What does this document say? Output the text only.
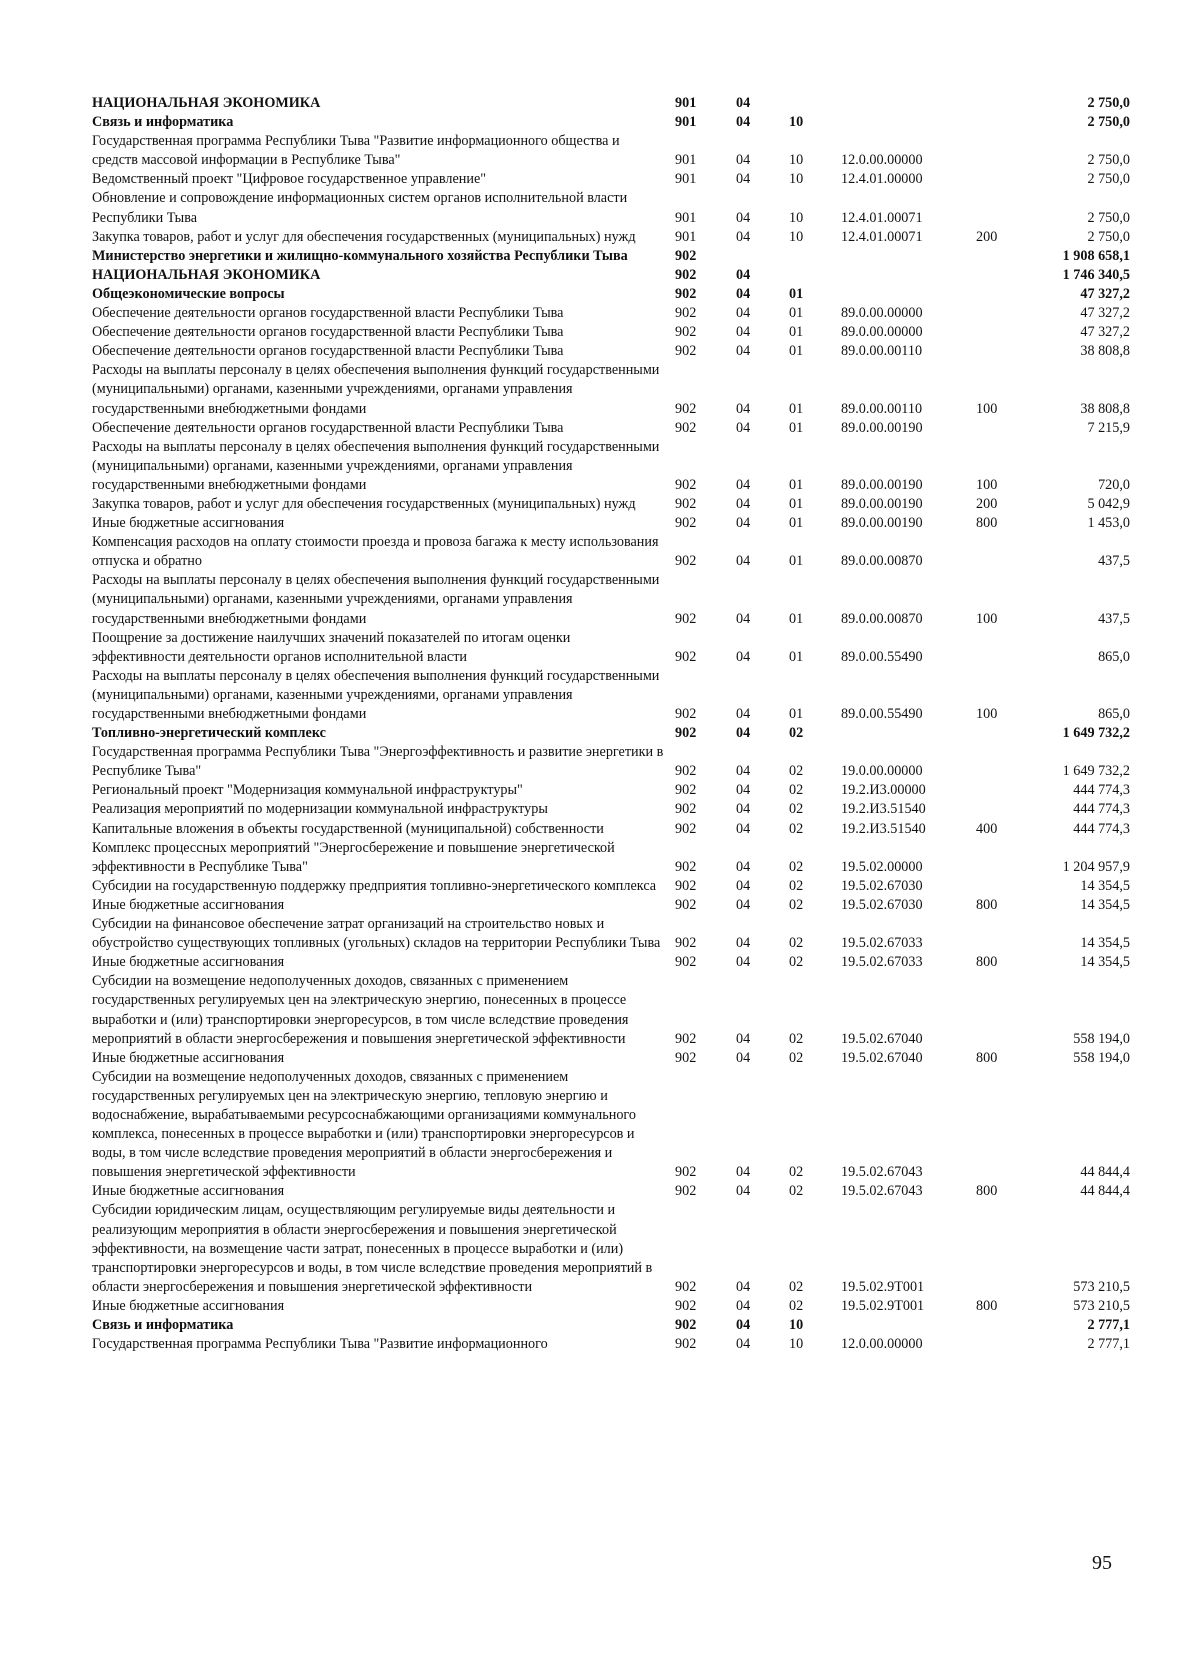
НАЦИОНАЛЬНАЯ ЭКОНОМИКА	901	04				2 750,0
Связь и информатика	901	04	10			2 750,0
Государственная программа Республики Тыва "Развитие информационного общества и средств массовой информации в Республике Тыва"	901	04	10	12.0.00.00000		2 750,0
Ведомственный проект "Цифровое государственное управление"	901	04	10	12.4.01.00000		2 750,0
Обновление и сопровождение информационных систем органов исполнительной власти Республики Тыва	901	04	10	12.4.01.00071		2 750,0
Закупка товаров, работ и услуг для обеспечения государственных (муниципальных) нужд	901	04	10	12.4.01.00071	200	2 750,0
Министерство энергетики и жилищно-коммунального хозяйства Республики Тыва	902					1 908 658,1
НАЦИОНАЛЬНАЯ ЭКОНОМИКА	902	04				1 746 340,5
Общеэкономические вопросы	902	04	01			47 327,2
Обеспечение деятельности органов государственной власти Республики Тыва	902	04	01	89.0.00.00000		47 327,2
Обеспечение деятельности органов государственной власти Республики Тыва	902	04	01	89.0.00.00000		47 327,2
Обеспечение деятельности органов государственной власти Республики Тыва	902	04	01	89.0.00.00110		38 808,8
Расходы на выплаты персоналу в целях обеспечения выполнения функций государственными (муниципальными) органами, казенными учреждениями, органами управления государственными внебюджетными фондами	902	04	01	89.0.00.00110	100	38 808,8
Обеспечение деятельности органов государственной власти Республики Тыва	902	04	01	89.0.00.00190		7 215,9
Расходы на выплаты персоналу в целях обеспечения выполнения функций государственными (муниципальными) органами, казенными учреждениями, органами управления государственными внебюджетными фондами	902	04	01	89.0.00.00190	100	720,0
Закупка товаров, работ и услуг для обеспечения государственных (муниципальных) нужд	902	04	01	89.0.00.00190	200	5 042,9
Иные бюджетные ассигнования	902	04	01	89.0.00.00190	800	1 453,0
Компенсация расходов на оплату стоимости проезда и провоза багажа к месту использования отпуска и обратно	902	04	01	89.0.00.00870		437,5
Расходы на выплаты персоналу в целях обеспечения выполнения функций государственными (муниципальными) органами, казенными учреждениями, органами управления государственными внебюджетными фондами	902	04	01	89.0.00.00870	100	437,5
Поощрение за достижение наилучших значений показателей по итогам оценки эффективности деятельности органов исполнительной власти	902	04	01	89.0.00.55490		865,0
Расходы на выплаты персоналу в целях обеспечения выполнения функций государственными (муниципальными) органами, казенными учреждениями, органами управления государственными внебюджетными фондами	902	04	01	89.0.00.55490	100	865,0
Топливно-энергетический комплекс	902	04	02			1 649 732,2
Государственная программа Республики Тыва "Энергоэффективность и развитие энергетики в Республике Тыва"	902	04	02	19.0.00.00000		1 649 732,2
Региональный проект "Модернизация коммунальной инфраструктуры"	902	04	02	19.2.И3.00000		444 774,3
Реализация мероприятий по модернизации коммунальной инфраструктуры	902	04	02	19.2.И3.51540		444 774,3
Капитальные вложения в объекты государственной (муниципальной) собственности	902	04	02	19.2.И3.51540	400	444 774,3
Комплекс процессных мероприятий "Энергосбережение и повышение энергетической эффективности в Республике Тыва"	902	04	02	19.5.02.00000		1 204 957,9
Субсидии на государственную поддержку предприятия топливно-энергетического комплекса	902	04	02	19.5.02.67030		14 354,5
Иные бюджетные ассигнования	902	04	02	19.5.02.67030	800	14 354,5
Субсидии на финансовое обеспечение затрат организаций на строительство новых и обустройство существующих топливных (угольных) складов на территории Республики Тыва	902	04	02	19.5.02.67033		14 354,5
Иные бюджетные ассигнования	902	04	02	19.5.02.67033	800	14 354,5
Субсидии на возмещение недополученных доходов, связанных с применением государственных регулируемых цен на электрическую энергию, понесенных в процессе выработки и (или) транспортировки энергоресурсов, в том числе вследствие проведения мероприятий в области энергосбережения и повышения энергетической эффективности	902	04	02	19.5.02.67040		558 194,0
Иные бюджетные ассигнования	902	04	02	19.5.02.67040	800	558 194,0
Субсидии на возмещение недополученных доходов, связанных с применением государственных регулируемых цен на электрическую энергию, тепловую энергию и водоснабжение, вырабатываемыми ресурсоснабжающими организациями коммунального комплекса, понесенных в процессе выработки и (или) транспортировки энергоресурсов и воды, в том числе вследствие проведения мероприятий в области энергосбережения и повышения энергетической эффективности	902	04	02	19.5.02.67043		44 844,4
Иные бюджетные ассигнования	902	04	02	19.5.02.67043	800	44 844,4
Субсидии юридическим лицам, осуществляющим регулируемые виды деятельности и реализующим мероприятия в области энергосбережения и повышения энергетической эффективности, на возмещение части затрат, понесенных в процессе выработки и (или) транспортировки энергоресурсов и воды, в том числе вследствие проведения мероприятий в области энергосбережения и повышения энергетической эффективности	902	04	02	19.5.02.9T001		573 210,5
Иные бюджетные ассигнования	902	04	02	19.5.02.9T001	800	573 210,5
Связь и информатика	902	04	10			2 777,1
Государственная программа Республики Тыва "Развитие информационного	902	04	10	12.0.00.00000		2 777,1
95
